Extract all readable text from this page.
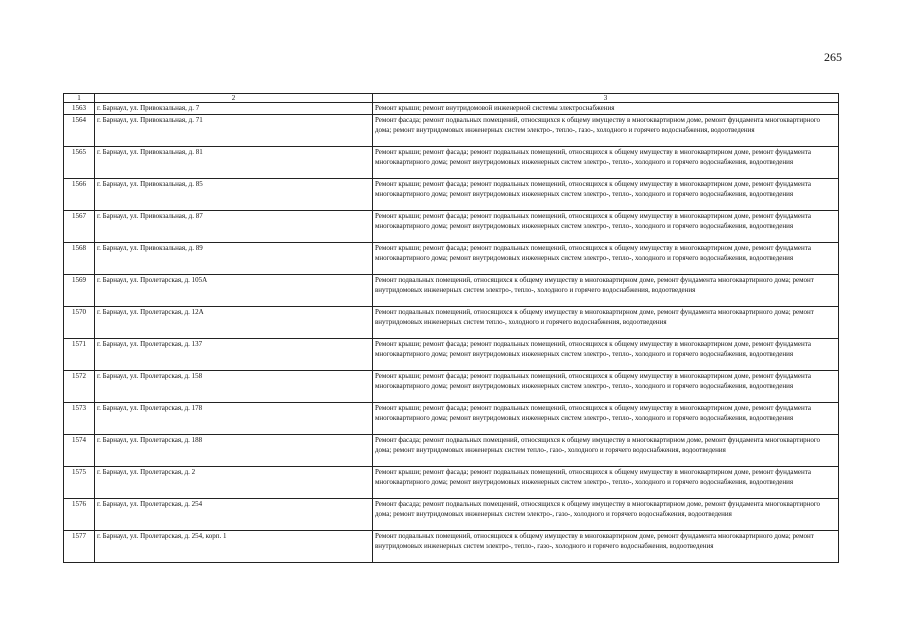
265
1	2	3
1563	г. Барнаул, ул. Привокзальная, д. 7	Ремонт крыши; ремонт внутридомовой инженерной системы электроснабжения
1564	г. Барнаул, ул. Привокзальная, д. 71	Ремонт фасада; ремонт подвальных помещений, относящихся к общему имуществу в многоквартирном доме, ремонт фундамента многоквартирного дома; ремонт внутридомовых инженерных систем электро-, тепло-, газо-, холодного и горячего водоснабжения, водоотведения
1565	г. Барнаул, ул. Привокзальная, д. 81	Ремонт крыши; ремонт фасада; ремонт подвальных помещений, относящихся к общему имуществу в многоквартирном доме, ремонт фундамента многоквартирного дома; ремонт внутридомовых инженерных систем электро-, тепло-, холодного и горячего водоснабжения, водоотведения
1566	г. Барнаул, ул. Привокзальная, д. 85	Ремонт крыши; ремонт фасада; ремонт подвальных помещений, относящихся к общему имуществу в многоквартирном доме, ремонт фундамента многоквартирного дома; ремонт внутридомовых инженерных систем электро-, тепло-, холодного и горячего водоснабжения, водоотведения
1567	г. Барнаул, ул. Привокзальная, д. 87	Ремонт крыши; ремонт фасада; ремонт подвальных помещений, относящихся к общему имуществу в многоквартирном доме, ремонт фундамента многоквартирного дома; ремонт внутридомовых инженерных систем электро-, тепло-, холодного и горячего водоснабжения, водоотведения
1568	г. Барнаул, ул. Привокзальная, д. 89	Ремонт крыши; ремонт фасада; ремонт подвальных помещений, относящихся к общему имуществу в многоквартирном доме, ремонт фундамента многоквартирного дома; ремонт внутридомовых инженерных систем электро-, тепло-, холодного и горячего водоснабжения, водоотведения
1569	г. Барнаул, ул. Пролетарская, д. 105А	Ремонт подвальных помещений, относящихся к общему имуществу в многоквартирном доме, ремонт фундамента многоквартирного дома; ремонт внутридомовых инженерных систем электро-, тепло-, холодного и горячего водоснабжения, водоотведения
1570	г. Барнаул, ул. Пролетарская, д. 12А	Ремонт подвальных помещений, относящихся к общему имуществу в многоквартирном доме, ремонт фундамента многоквартирного дома; ремонт внутридомовых инженерных систем тепло-, холодного и горячего водоснабжения, водоотведения
1571	г. Барнаул, ул. Пролетарская, д. 137	Ремонт крыши; ремонт фасада; ремонт подвальных помещений, относящихся к общему имуществу в многоквартирном доме, ремонт фундамента многоквартирного дома; ремонт внутридомовых инженерных систем электро-, тепло-, холодного и горячего водоснабжения, водоотведения
1572	г. Барнаул, ул. Пролетарская, д. 158	Ремонт крыши; ремонт фасада; ремонт подвальных помещений, относящихся к общему имуществу в многоквартирном доме, ремонт фундамента многоквартирного дома; ремонт внутридомовых инженерных систем электро-, тепло-, холодного и горячего водоснабжения, водоотведения
1573	г. Барнаул, ул. Пролетарская, д. 178	Ремонт крыши; ремонт фасада; ремонт подвальных помещений, относящихся к общему имуществу в многоквартирном доме, ремонт фундамента многоквартирного дома; ремонт внутридомовых инженерных систем электро-, тепло-, холодного и горячего водоснабжения, водоотведения
1574	г. Барнаул, ул. Пролетарская, д. 188	Ремонт фасада; ремонт подвальных помещений, относящихся к общему имуществу в многоквартирном доме, ремонт фундамента многоквартирного дома; ремонт внутридомовых инженерных систем тепло-, газо-, холодного и горячего водоснабжения, водоотведения
1575	г. Барнаул, ул. Пролетарская, д. 2	Ремонт крыши; ремонт фасада; ремонт подвальных помещений, относящихся к общему имуществу в многоквартирном доме, ремонт фундамента многоквартирного дома; ремонт внутридомовых инженерных систем электро-, тепло-, холодного и горячего водоснабжения, водоотведения
1576	г. Барнаул, ул. Пролетарская, д. 254	Ремонт фасада; ремонт подвальных помещений, относящихся к общему имуществу в многоквартирном доме, ремонт фундамента многоквартирного дома; ремонт внутридомовых инженерных систем электро-, газо-, холодного и горячего водоснабжения, водоотведения
1577	г. Барнаул, ул. Пролетарская, д. 254, корп. 1	Ремонт подвальных помещений, относящихся к общему имуществу в многоквартирном доме, ремонт фундамента многоквартирного дома; ремонт внутридомовых инженерных систем электро-, тепло-, газо-, холодного и горячего водоснабжения, водоотведения
